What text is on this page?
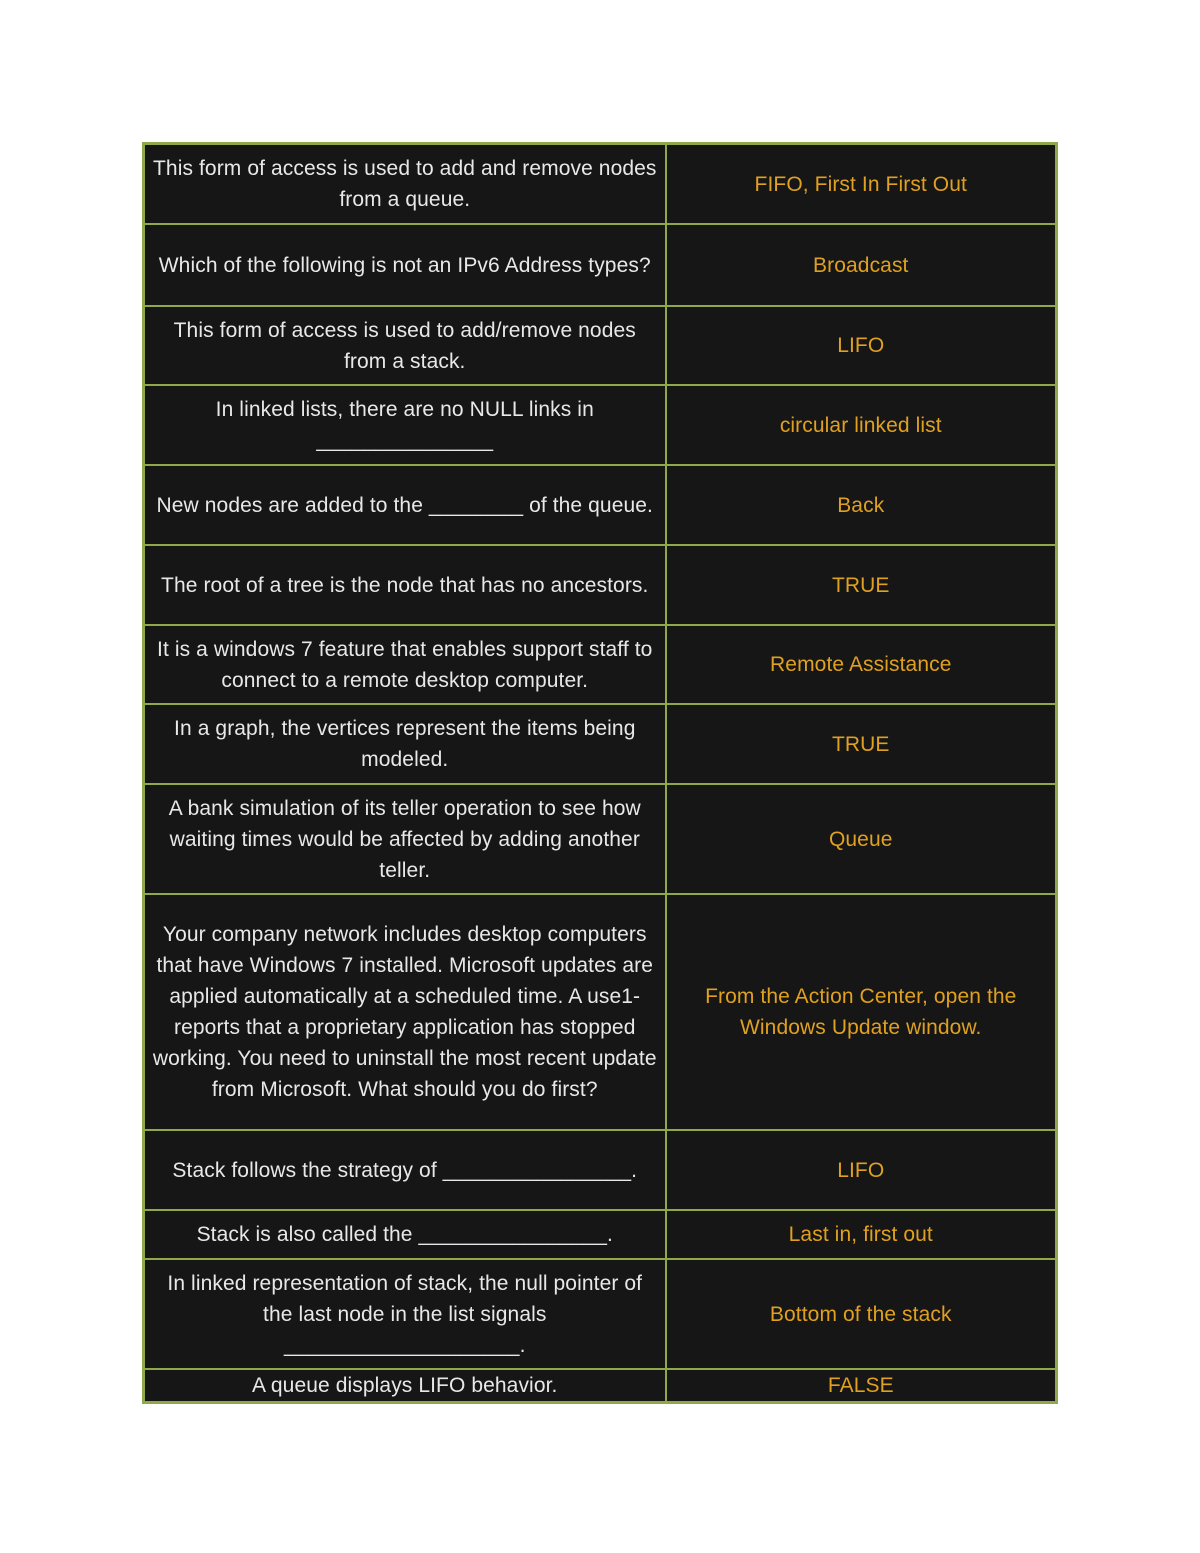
This form of access is used to add and remove nodes from a queue.	FIFO, First In First Out
Which of the following is not an IPv6 Address types?	Broadcast
This form of access is used to add/remove nodes from a stack.	LIFO
In linked lists, there are no NULL links in _______________	circular linked list
New nodes are added to the ________ of the queue.	Back
The root of a tree is the node that has no ancestors.	TRUE
It is a windows 7 feature that enables support staff to connect to a remote desktop computer.	Remote Assistance
In a graph, the vertices represent the items being modeled.	TRUE
A bank simulation of its teller operation to see how waiting times would be affected by adding another teller.	Queue
Your company network includes desktop computers that have Windows 7 installed. Microsoft updates are applied automatically at a scheduled time. A use1- reports that a proprietary application has stopped working. You need to uninstall the most recent update from Microsoft. What should you do first?	From the Action Center, open the Windows Update window.
Stack follows the strategy of ________________.	LIFO
Stack is also called the ________________.	Last in, first out
In linked representation of stack, the null pointer of the last node in the list signals ____________________.	Bottom of the stack
A queue displays LIFO behavior.	FALSE
